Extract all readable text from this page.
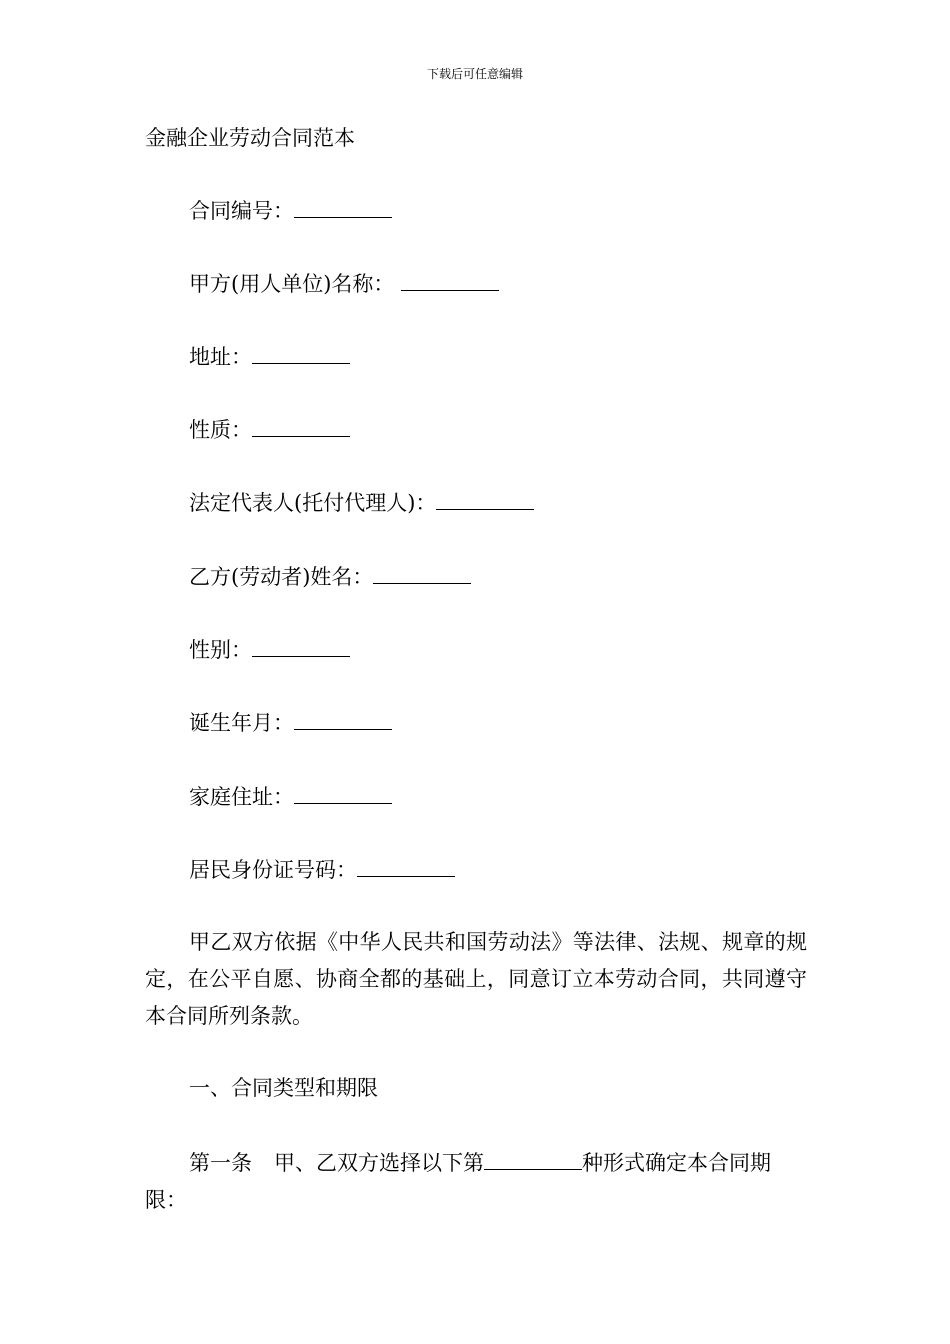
下载后可任意编辑
金融企业劳动合同范本
合同编号：
甲方(用人单位)名称：
地址：
性质：
法定代表人(托付代理人)：
乙方(劳动者)姓名：
性别：
诞生年月：
家庭住址：
居民身份证号码：
甲乙双方依据《中华人民共和国劳动法》等法律、法规、规章的规定，在公平自愿、协商全都的基础上，同意订立本劳动合同，共同遵守本合同所列条款。
一、合同类型和期限
第一条 甲、乙双方选择以下第	种形式确定本合同期限：
